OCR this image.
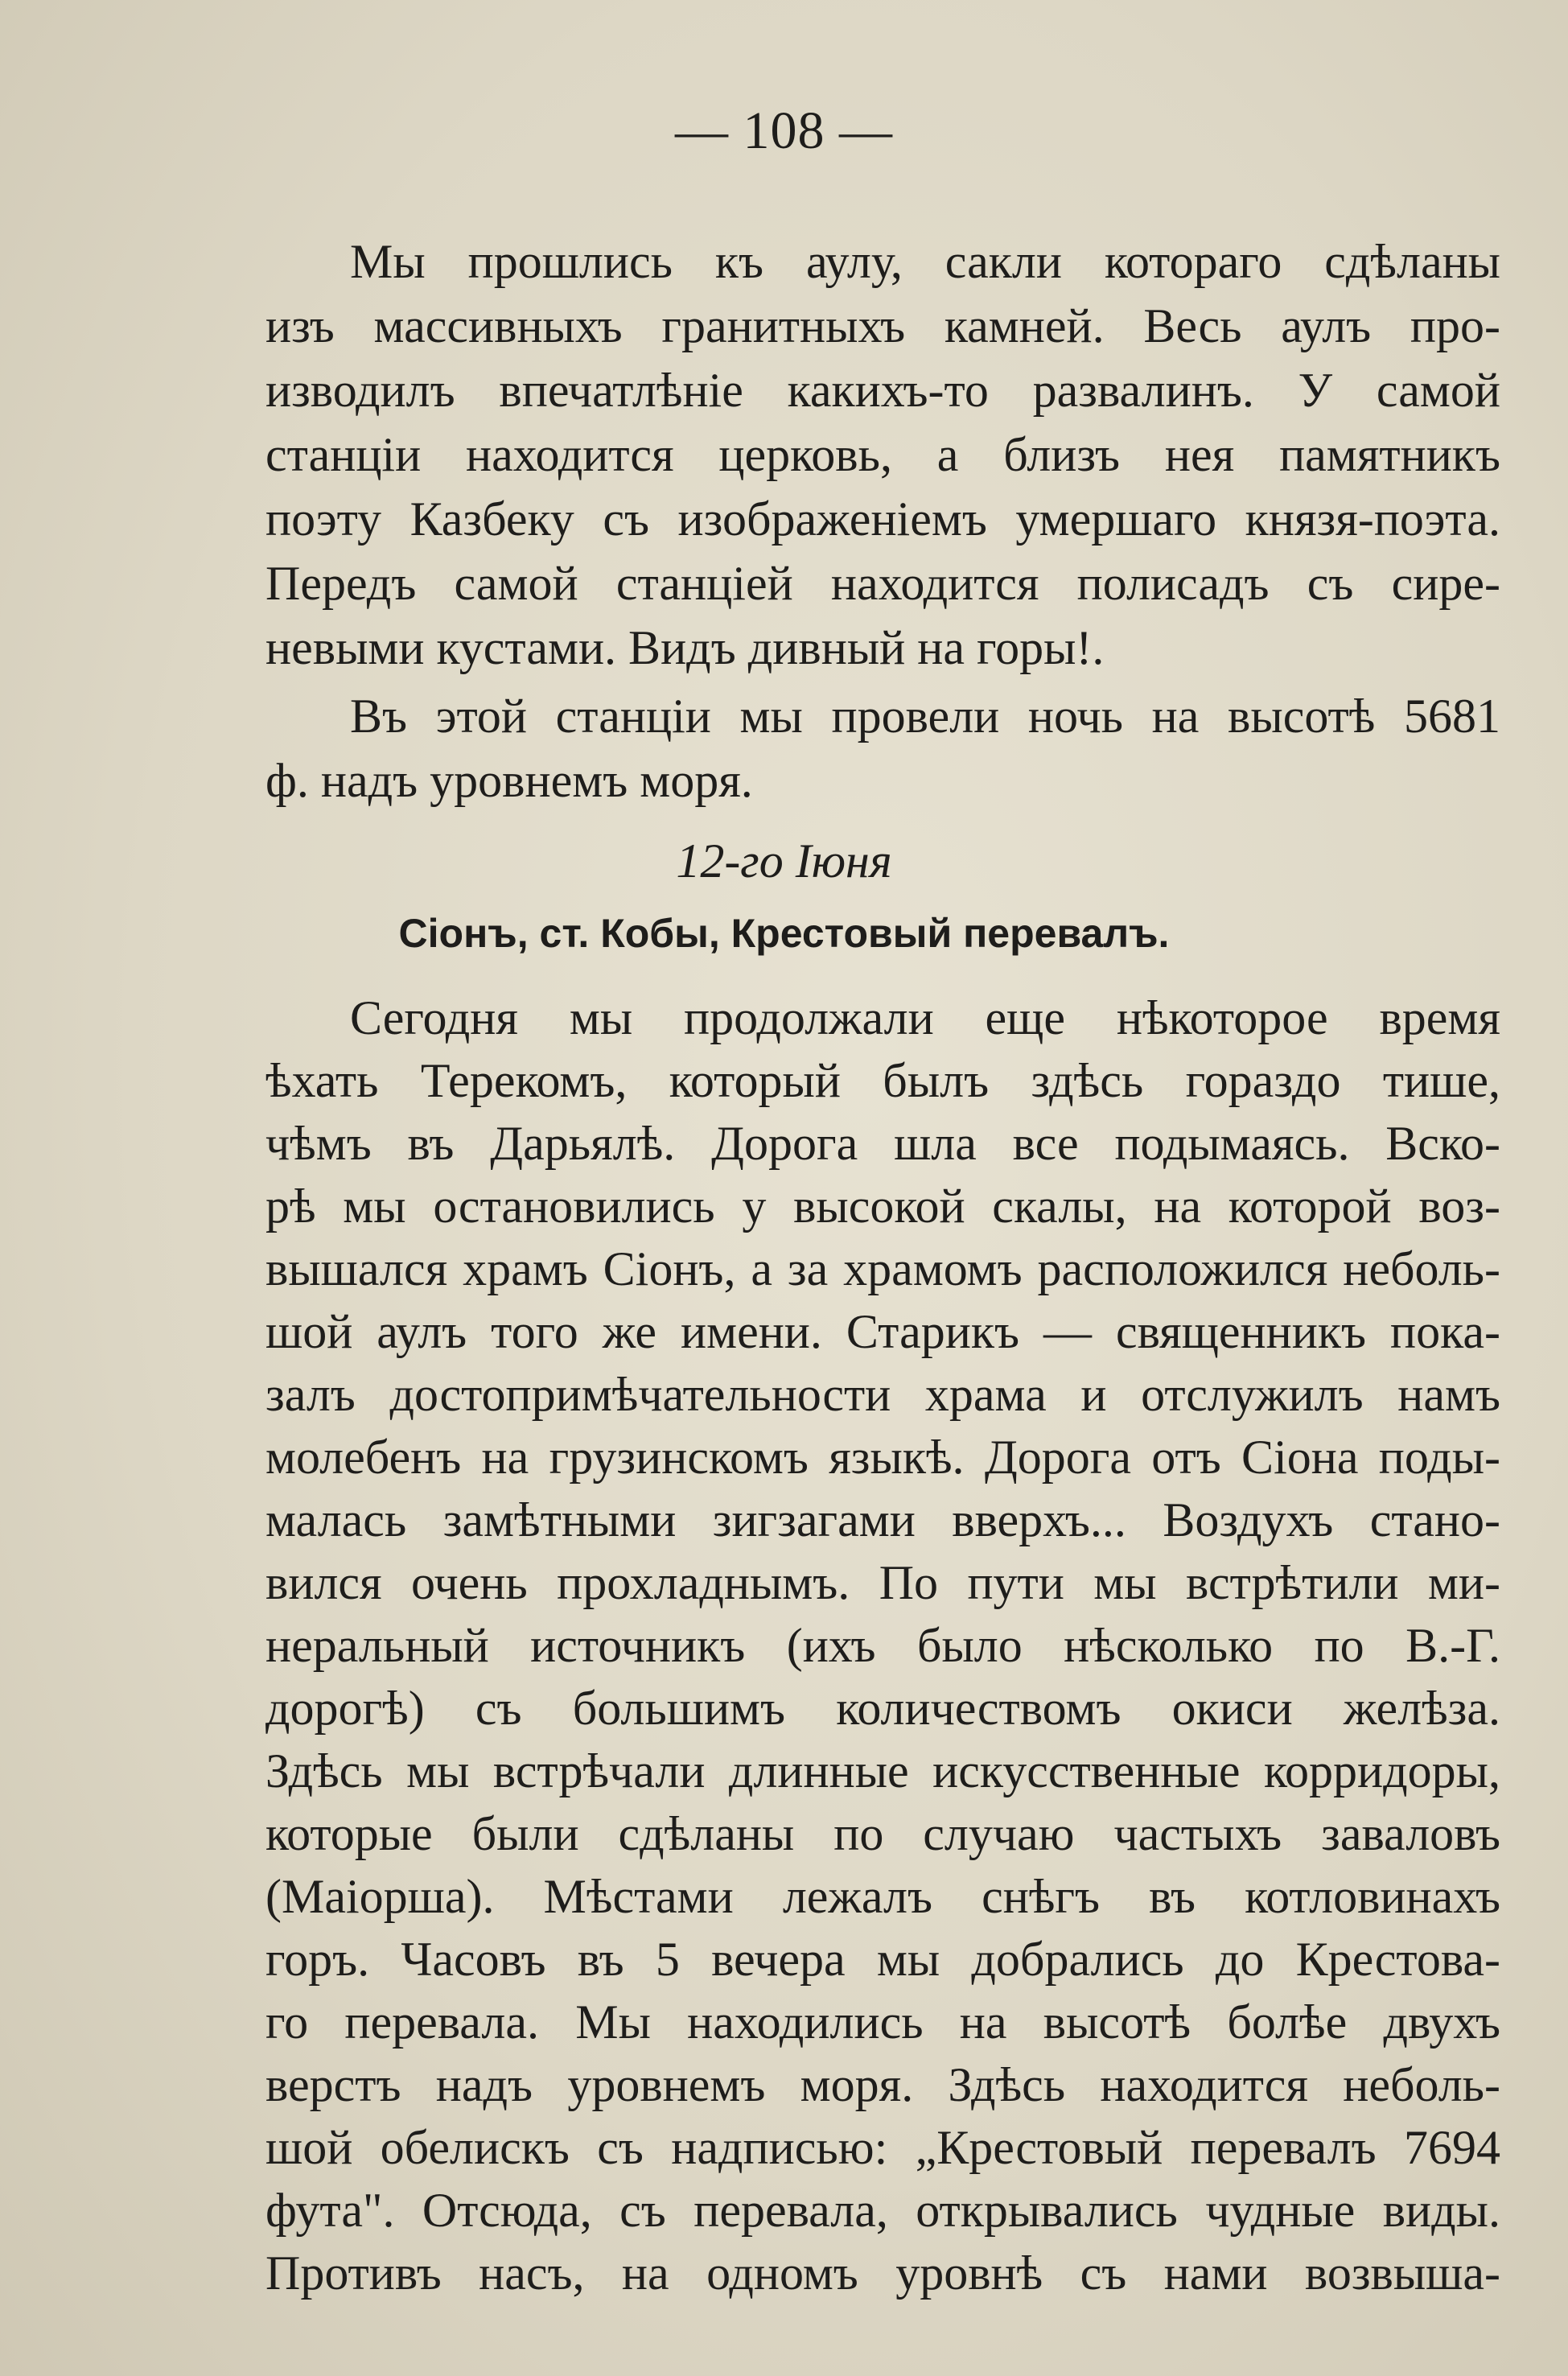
— 108 —
Мы прошлись къ аулу, сакли котораго сдѣланы
изъ массивныхъ гранитныхъ камней. Весь аулъ про-
изводилъ впечатлѣніе какихъ-то развалинъ. У самой
станціи находится церковь, а близъ нея памятникъ
поэту Казбеку съ изображеніемъ умершаго князя-поэта.
Передъ самой станціей находится полисадъ съ сире-
невыми кустами. Видъ дивный на горы!.
Въ этой станціи мы провели ночь на высотѣ 5681
ф. надъ уровнемъ моря.
12-го Іюня
Сіонъ, ст. Кобы, Крестовый перевалъ.
Сегодня мы продолжали еще нѣкоторое время
ѣхать Терекомъ, который былъ здѣсь гораздо тише,
чѣмъ въ Дарьялѣ. Дорога шла все подымаясь. Вско-
рѣ мы остановились у высокой скалы, на которой воз-
вышался храмъ Сіонъ, а за храмомъ расположился неболь-
шой аулъ того же имени. Старикъ — священникъ пока-
залъ достопримѣчательности храма и отслужилъ намъ
молебенъ на грузинскомъ языкѣ. Дорога отъ Сіона поды-
малась замѣтными зигзагами вверхъ... Воздухъ стано-
вился очень прохладнымъ. По пути мы встрѣтили ми-
неральный источникъ (ихъ было нѣсколько по В.-Г.
дорогѣ) съ большимъ количествомъ окиси желѣза.
Здѣсь мы встрѣчали длинные искусственные корридоры,
которые были сдѣланы по случаю частыхъ заваловъ
(Маіорша). Мѣстами лежалъ снѣгъ въ котловинахъ
горъ. Часовъ въ 5 вечера мы добрались до Крестова-
го перевала. Мы находились на высотѣ болѣе двухъ
верстъ надъ уровнемъ моря. Здѣсь находится неболь-
шой обелискъ съ надписью: „Крестовый перевалъ 7694
фута". Отсюда, съ перевала, открывались чудные виды.
Противъ насъ, на одномъ уровнѣ съ нами возвыша-
